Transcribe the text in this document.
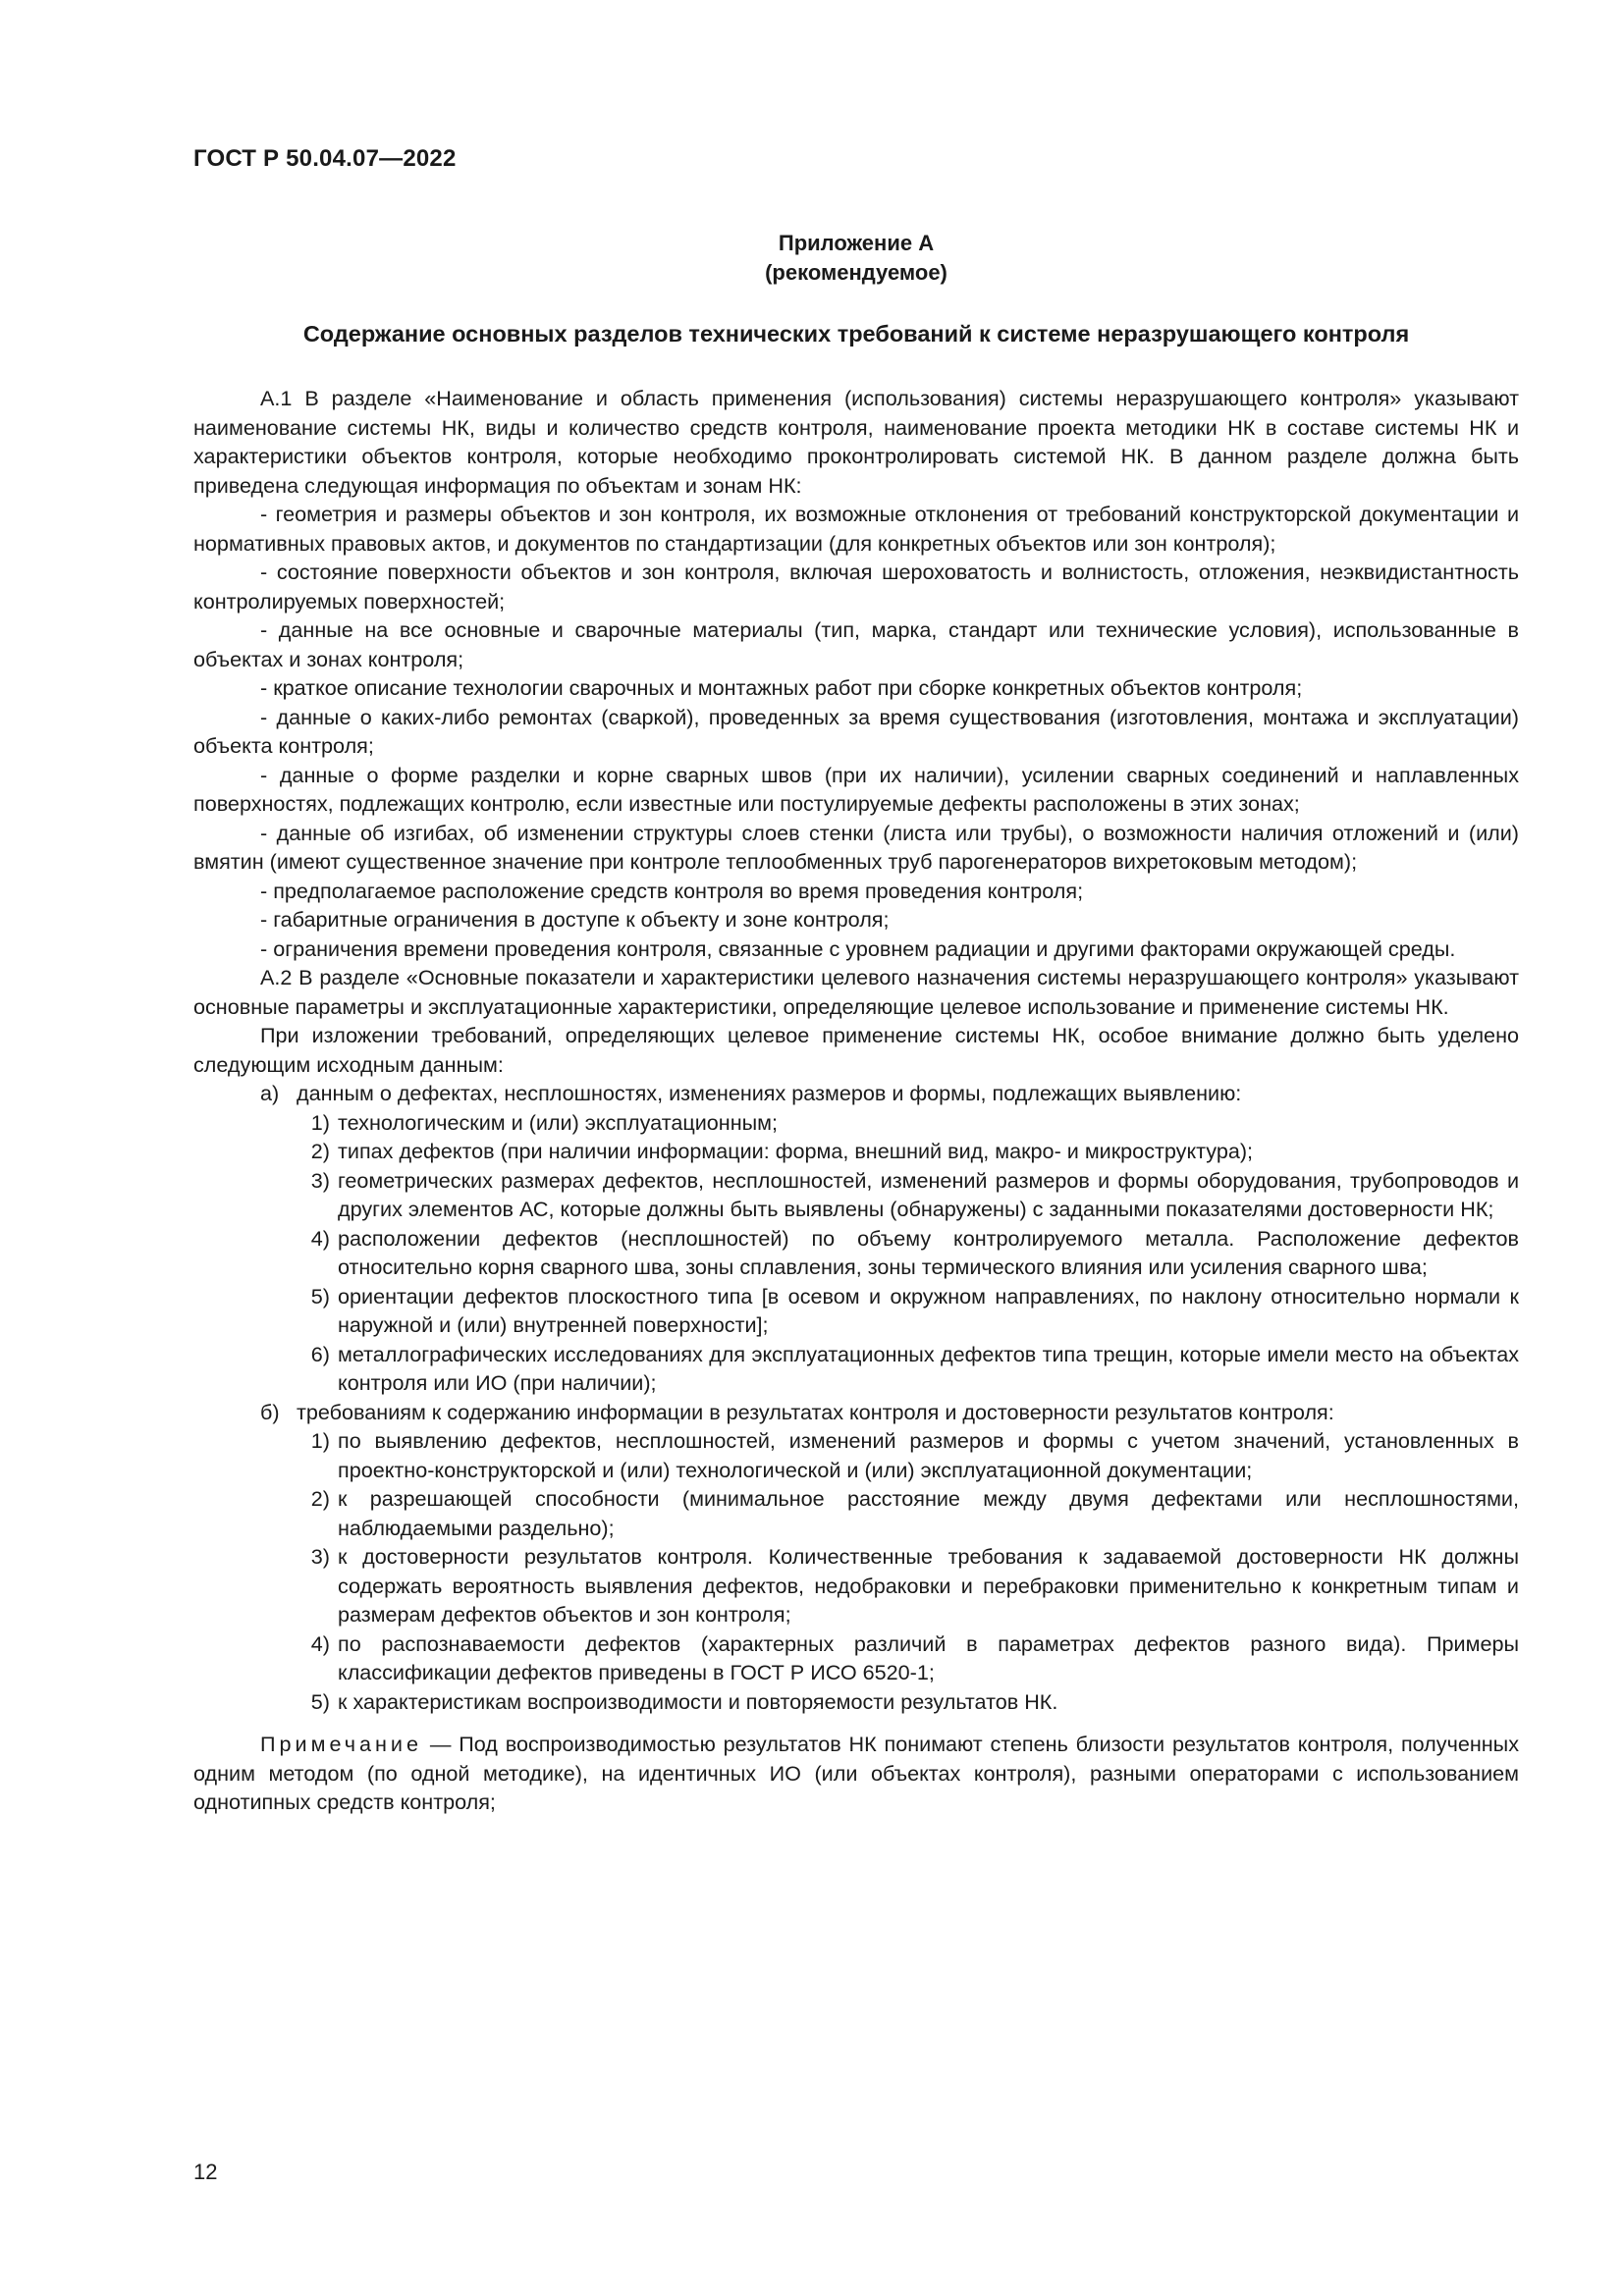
ГОСТ Р 50.04.07—2022
Приложение А
(рекомендуемое)
Содержание основных разделов технических требований к системе неразрушающего контроля

А.1 В разделе «Наименование и область применения (использования) системы неразрушающего контроля» указывают наименование системы НК, виды и количество средств контроля, наименование проекта методики НК в составе системы НК и характеристики объектов контроля, которые необходимо проконтролировать системой НК. В данном разделе должна быть приведена следующая информация по объектам и зонам НК:

- геометрия и размеры объектов и зон контроля, их возможные отклонения от требований конструкторской документации и нормативных правовых актов, и документов по стандартизации (для конкретных объектов или зон контроля);

- состояние поверхности объектов и зон контроля, включая шероховатость и волнистость, отложения, неэквидистантность контролируемых поверхностей;

- данные на все основные и сварочные материалы (тип, марка, стандарт или технические условия), использованные в объектах и зонах контроля;

- краткое описание технологии сварочных и монтажных работ при сборке конкретных объектов контроля;

- данные о каких-либо ремонтах (сваркой), проведенных за время существования (изготовления, монтажа и эксплуатации) объекта контроля;

- данные о форме разделки и корне сварных швов (при их наличии), усилении сварных соединений и наплавленных поверхностях, подлежащих контролю, если известные или постулируемые дефекты расположены в этих зонах;

- данные об изгибах, об изменении структуры слоев стенки (листа или трубы), о возможности наличия отложений и (или) вмятин (имеют существенное значение при контроле теплообменных труб парогенераторов вихретоковым методом);

- предполагаемое расположение средств контроля во время проведения контроля;

- габаритные ограничения в доступе к объекту и зоне контроля;

- ограничения времени проведения контроля, связанные с уровнем радиации и другими факторами окружающей среды.

А.2 В разделе «Основные показатели и характеристики целевого назначения системы неразрушающего контроля» указывают основные параметры и эксплуатационные характеристики, определяющие целевое использование и применение системы НК.

При изложении требований, определяющих целевое применение системы НК, особое внимание должно быть уделено следующим исходным данным:

а) данным о дефектах, несплошностях, изменениях размеров и формы, подлежащих выявлению:
1) технологическим и (или) эксплуатационным;
2) типах дефектов (при наличии информации: форма, внешний вид, макро- и микроструктура);
3) геометрических размерах дефектов, несплошностей, изменений размеров и формы оборудования, трубопроводов и других элементов АС, которые должны быть выявлены (обнаружены) с заданными показателями достоверности НК;
4) расположении дефектов (несплошностей) по объему контролируемого металла. Расположение дефектов относительно корня сварного шва, зоны сплавления, зоны термического влияния или усиления сварного шва;
5) ориентации дефектов плоскостного типа [в осевом и окружном направлениях, по наклону относительно нормали к наружной и (или) внутренней поверхности];
6) металлографических исследованиях для эксплуатационных дефектов типа трещин, которые имели место на объектах контроля или ИО (при наличии);
б) требованиям к содержанию информации в результатах контроля и достоверности результатов контроля:
1) по выявлению дефектов, несплошностей, изменений размеров и формы с учетом значений, установленных в проектно-конструкторской и (или) технологической и (или) эксплуатационной документации;
2) к разрешающей способности (минимальное расстояние между двумя дефектами или несплошностями, наблюдаемыми раздельно);
3) к достоверности результатов контроля. Количественные требования к задаваемой достоверности НК должны содержать вероятность выявления дефектов, недобраковки и перебраковки применительно к конкретным типам и размерам дефектов объектов и зон контроля;
4) по распознаваемости дефектов (характерных различий в параметрах дефектов разного вида). Примеры классификации дефектов приведены в ГОСТ Р ИСО 6520-1;
5) к характеристикам воспроизводимости и повторяемости результатов НК.

Примечание — Под воспроизводимостью результатов НК понимают степень близости результатов контроля, полученных одним методом (по одной методике), на идентичных ИО (или объектах контроля), разными операторами с использованием однотипных средств контроля;

12
